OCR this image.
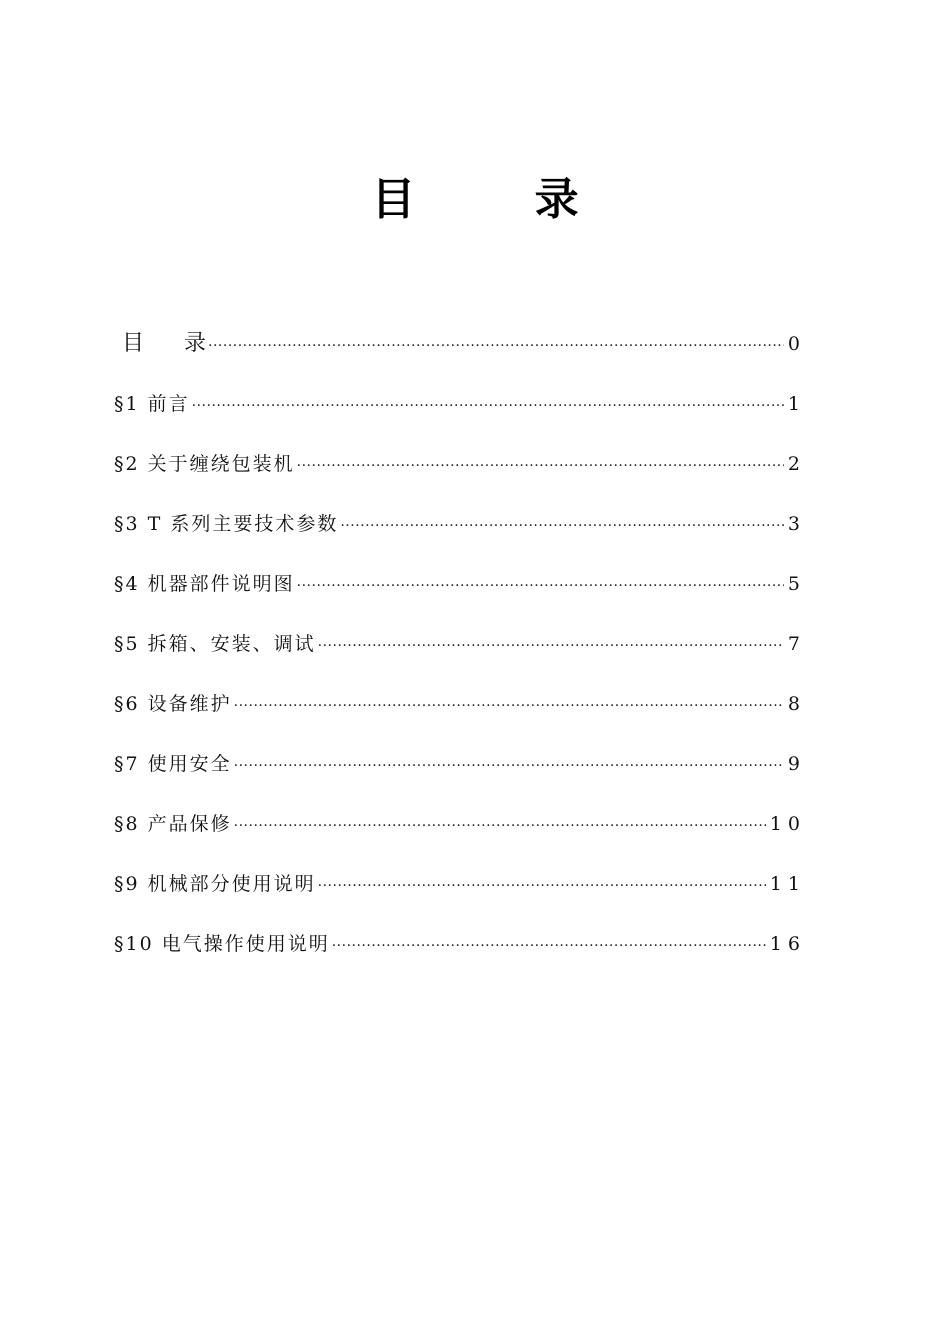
目 录
目 录 .....	0
§1 前言 .....	1
§2 关于缠绕包装机 .....	2
§3 T 系列主要技术参数 .....	3
§4 机器部件说明图 .....	5
§5 拆箱、安装、调试 .....	7
§6 设备维护 .....	8
§7 使用安全 .....	9
§8 产品保修 .....	1 0
§9 机械部分使用说明 .....	1 1
§10 电气操作使用说明 .....	1 6
